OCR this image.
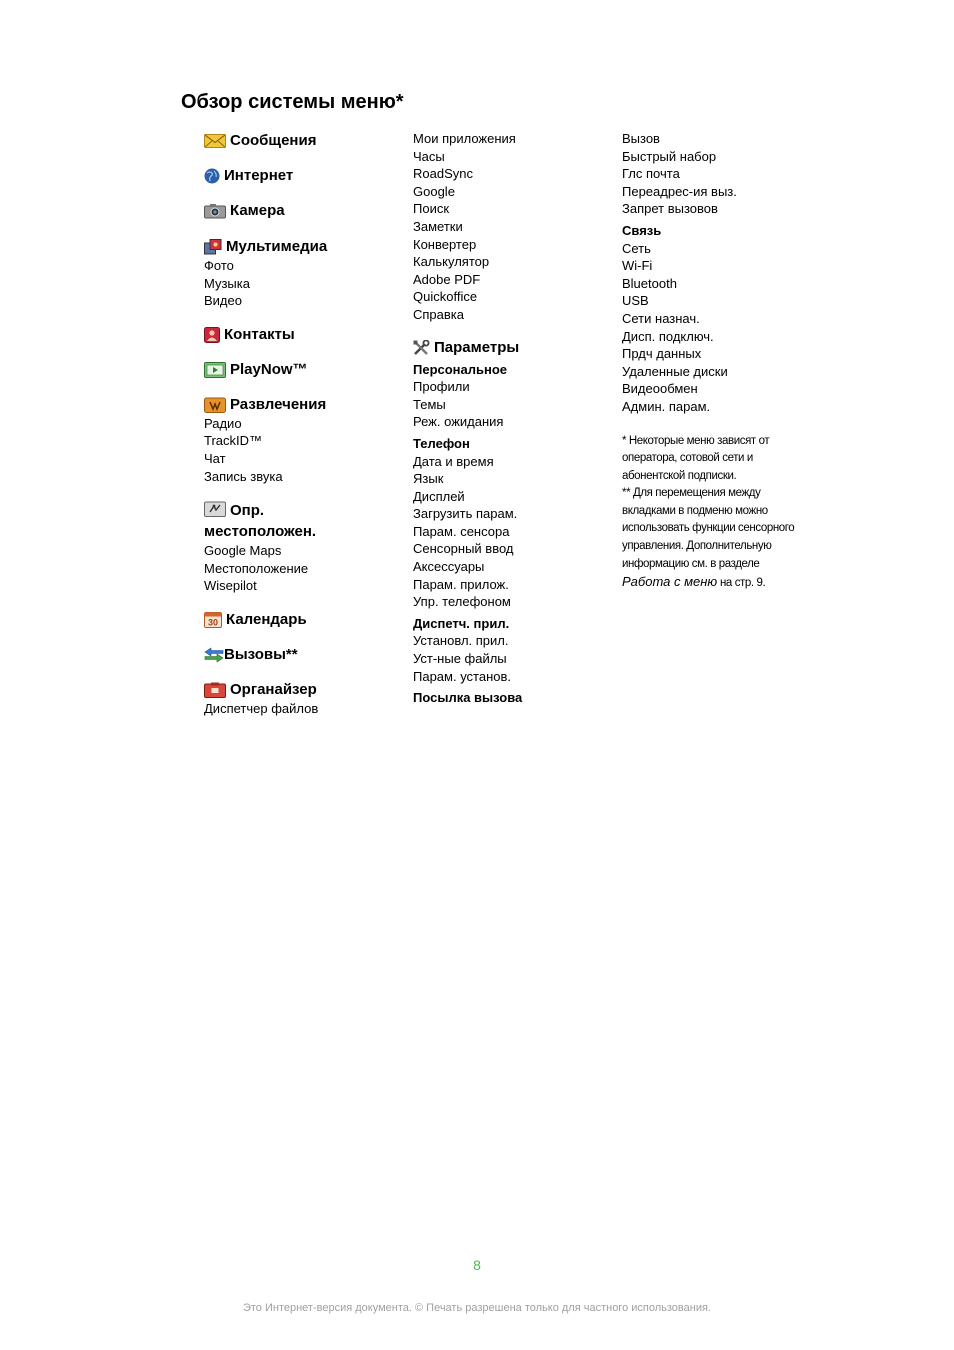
Обзор системы меню*
Сообщения
Интернет
Камера
Мультимедиа
Фото
Музыка
Видео
Контакты
PlayNow™
Развлечения
Радио
TrackID™
Чат
Запись звука
Опр.
местоположен.
Google Maps
Местоположение
Wisepilot
30 Календарь
Вызовы**
Органайзер
Диспетчер файлов
Мои приложения
Часы
RoadSync
Google
Поиск
Заметки
Конвертер
Калькулятор
Adobe PDF
Quickoffice
Справка
Параметры
Персональное
Профили
Темы
Реж. ожидания
Телефон
Дата и время
Язык
Дисплей
Загрузить парам.
Парам. сенсора
Сенсорный ввод
Аксессуары
Парам. прилож.
Упр. телефоном
Диспетч. прил.
Установл. прил.
Уст-ные файлы
Парам. установ.
Посылка вызова
Вызов
Быстрый набор
Глс почта
Переадрес-ия выз.
Запрет вызовов
Связь
Сеть
Wi-Fi
Bluetooth
USB
Сети назнач.
Дисп. подключ.
Прдч данных
Удаленные диски
Видеообмен
Админ. парам.
* Некоторые меню зависят от
оператора, сотовой сети и
абонентской подписки.
** Для перемещения между
вкладками в подменю можно
использовать функции сенсорного
управления. Дополнительную
информацию см. в разделе
Работа с меню на стр. 9.
8
Это Интернет-версия документа. © Печать разрешена только для частного использования.
